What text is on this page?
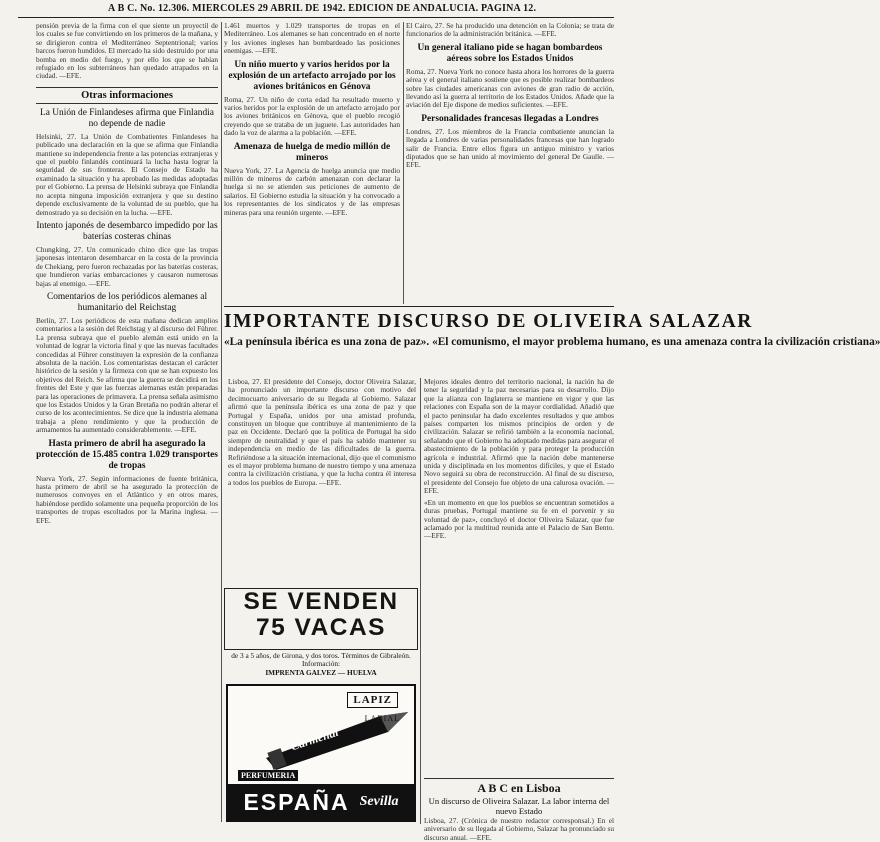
A B C. No. 12.306. MIERCOLES 29 ABRIL DE 1942. EDICION DE ANDALUCIA. PAGINA 12.

pensión previa de la firma con el que siente un proyectil de los cuales se fue convirtiendo en los primeros de la mañana, y se dirigieron contra el Mediterráneo Septentrional; varios barcos fueron hundidos. El mercado ha sido destruido por una bomba en medio del fuego, y por ello los que se habían refugiado en los subterráneos han quedado atrapados en la ciudad. —EFE.

Otras informaciones
La Unión de Finlandeses afirma que Finlandia no depende de nadie

Helsinki, 27. La Unión de Combatientes Finlandeses ha publicado una declaración en la que se afirma que Finlandia mantiene su independencia frente a las potencias extranjeras y que el pueblo finlandés continuará la lucha hasta lograr la seguridad de sus fronteras. El Consejo de Estado ha examinado la situación y ha aprobado las medidas adoptadas por el Gobierno. La prensa de Helsinki subraya que Finlandia no acepta ninguna imposición extranjera y que su destino depende exclusivamente de la voluntad de su pueblo, que ha demostrado ya su decisión en la lucha. —EFE.

Intento japonés de desembarco impedido por las baterías costeras chinas

Chungking, 27. Un comunicado chino dice que las tropas japonesas intentaron desembarcar en la costa de la provincia de Chekiang, pero fueron rechazadas por las baterías costeras, que hundieron varias embarcaciones y causaron numerosas bajas al enemigo. —EFE.

Comentarios de los periódicos alemanes al humanitario del Reichstag

Berlín, 27. Los periódicos de esta mañana dedican amplios comentarios a la sesión del Reichstag y al discurso del Führer. La prensa subraya que el pueblo alemán está unido en la voluntad de lograr la victoria final y que las nuevas facultades concedidas al Führer constituyen la expresión de la confianza absoluta de la nación. Los comentaristas destacan el carácter histórico de la sesión y la firmeza con que se han expuesto los objetivos del Reich. Se afirma que la guerra se decidirá en los frentes del Este y que las fuerzas alemanas están preparadas para las operaciones de primavera. La prensa señala asimismo que los Estados Unidos y la Gran Bretaña no podrán alterar el curso de los acontecimientos. Se dice que la industria alemana trabaja a pleno rendimiento y que la producción de armamentos ha aumentado considerablemente. —EFE.

Hasta primero de abril ha asegurado la protección de 15.485 contra 1.029 transportes de tropas

Nueva York, 27. Según informaciones de fuente británica, hasta primero de abril se ha asegurado la protección de numerosos convoyes en el Atlántico y en otros mares, habiéndose perdido solamente una pequeña proporción de los transportes de tropas escoltados por la Marina inglesa. —EFE.

1.461 muertos y 1.029 transportes de tropas en el Mediterráneo. Los alemanes se han concentrado en el norte y los aviones ingleses han bombardeado las posiciones enemigas. —EFE.

Un niño muerto y varios heridos por la explosión de un artefacto arrojado por los aviones británicos en Génova

Roma, 27. Un niño de corta edad ha resultado muerto y varios heridos por la explosión de un artefacto arrojado por los aviones británicos en Génova, que el pueblo recogió creyendo que se trataba de un juguete. Las autoridades han dado la voz de alarma a la población. —EFE.

Amenaza de huelga de medio millón de mineros

Nueva York, 27. La Agencia de huelga anuncia que medio millón de mineros de carbón amenazan con declarar la huelga si no se atienden sus peticiones de aumento de salarios. El Gobierno estudia la situación y ha convocado a los representantes de los sindicatos y de las empresas mineras para una reunión urgente. —EFE.

El Cairo, 27. Se ha producido una detención en la Colonia; se trata de funcionarios de la administración británica. —EFE.

Un general italiano pide se hagan bombardeos aéreos sobre los Estados Unidos

Roma, 27. Nueva York no conoce hasta ahora los horrores de la guerra aérea y el general italiano sostiene que es posible realizar bombardeos sobre las ciudades americanas con aviones de gran radio de acción, llevando así la guerra al territorio de los Estados Unidos. Añade que la aviación del Eje dispone de medios suficientes. —EFE.

Personalidades francesas llegadas a Londres

Londres, 27. Los miembros de la Francia combatiente anuncian la llegada a Londres de varias personalidades francesas que han logrado salir de Francia. Entre ellos figura un antiguo ministro y varios diputados que se han unido al movimiento del general De Gaulle. —EFE.

IMPORTANTE DISCURSO DE OLIVEIRA SALAZAR
«La península ibérica es una zona de paz». «El comunismo, el mayor problema humano, es una amenaza contra la civilización cristiana»

Lisboa, 27. El presidente del Consejo, doctor Oliveira Salazar, ha pronunciado un importante discurso con motivo del decimocuarto aniversario de su llegada al Gobierno. Salazar afirmó que la península ibérica es una zona de paz y que Portugal y España, unidos por una amistad profunda, constituyen un bloque que contribuye al mantenimiento de la paz en Occidente. Declaró que la política de Portugal ha sido siempre de neutralidad y que el país ha sabido mantener su independencia en medio de las dificultades de la guerra. Refiriéndose a la situación internacional, dijo que el comunismo es el mayor problema humano de nuestro tiempo y una amenaza contra la civilización cristiana, y que la lucha contra él interesa a todos los pueblos de Europa. —EFE.

Mejores ideales dentro del territorio nacional, la nación ha de tener la seguridad y la paz necesarias para su desarrollo. Dijo que la alianza con Inglaterra se mantiene en vigor y que las relaciones con España son de la mayor cordialidad. Añadió que el pacto peninsular ha dado excelentes resultados y que ambos países comparten los mismos principios de orden y de civilización. Salazar se refirió también a la economía nacional, señalando que el Gobierno ha adoptado medidas para asegurar el abastecimiento de la población y para proteger la producción agrícola e industrial. Afirmó que la nación debe mantenerse unida y disciplinada en los momentos difíciles, y que el Estado Novo seguirá su obra de reconstrucción. Al final de su discurso, el presidente del Consejo fue objeto de una calurosa ovación. —EFE.

«En un momento en que los pueblos se encuentran sometidos a duras pruebas, Portugal mantiene su fe en el porvenir y su voluntad de paz», concluyó el doctor Oliveira Salazar, que fue aclamado por la multitud reunida ante el Palacio de San Bento. —EFE.

SE VENDEN
75 VACAS
de 3 a 5 años, de Girona, y dos toros. Términos de Gibraleón. Información:
IMPRENTA GALVEZ — HUELVA
Carmenal
LAPIZ
LABIAL
PERFUMERIA
ESPAÑA Sevilla
A B C en Lisboa
Un discurso de Oliveira Salazar. La labor interna del nuevo Estado

Lisboa, 27. (Crónica de nuestro redactor corresponsal.) En el aniversario de su llegada al Gobierno, Salazar ha pronunciado su discurso anual. —EFE.
